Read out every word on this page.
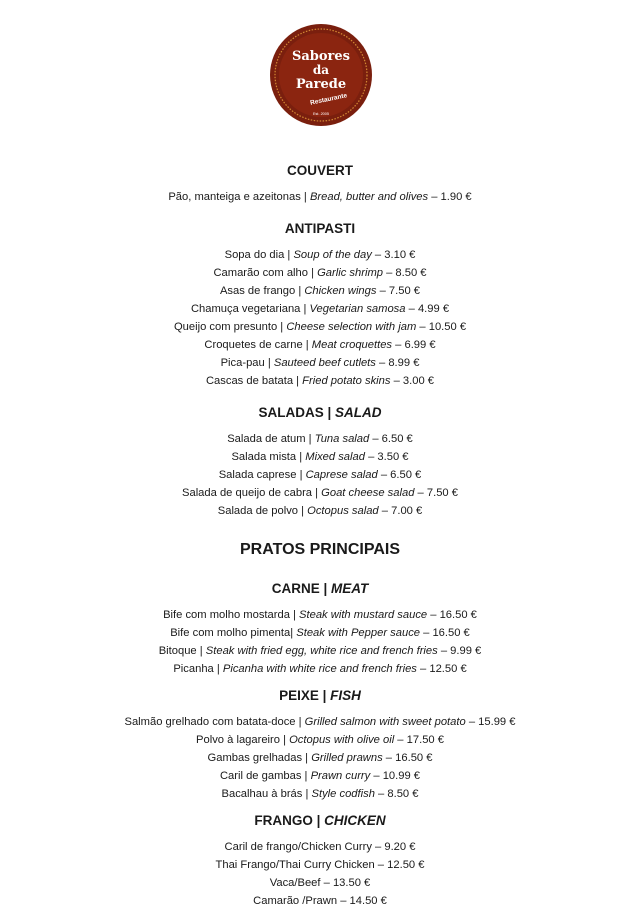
Sabores
da
Parede
Restaurante
Est. 2005
COUVERT

Pão, manteiga e azeitonas | Bread, butter and olives – 1.90 €

ANTIPASTI

Sopa do dia | Soup of the day – 3.10 €

Camarão com alho | Garlic shrimp – 8.50 €

Asas de frango | Chicken wings – 7.50 €

Chamuça vegetariana | Vegetarian samosa – 4.99 €

Queijo com presunto | Cheese selection with jam – 10.50 €

Croquetes de carne | Meat croquettes – 6.99 €

Pica-pau | Sauteed beef cutlets – 8.99 €

Cascas de batata | Fried potato skins – 3.00 €

SALADAS | SALAD

Salada de atum | Tuna salad – 6.50 €

Salada mista | Mixed salad – 3.50 €

Salada caprese | Caprese salad – 6.50 €

Salada de queijo de cabra | Goat cheese salad – 7.50 €

Salada de polvo | Octopus salad – 7.00 €

PRATOS PRINCIPAIS
CARNE | MEAT

Bife com molho mostarda | Steak with mustard sauce – 16.50 €

Bife com molho pimenta| Steak with Pepper sauce – 16.50 €

Bitoque | Steak with fried egg, white rice and french fries – 9.99 €

Picanha | Picanha with white rice and french fries – 12.50 €

PEIXE | FISH

Salmão grelhado com batata-doce | Grilled salmon with sweet potato – 15.99 €

Polvo à lagareiro | Octopus with olive oil – 17.50 €

Gambas grelhadas | Grilled prawns – 16.50 €

Caril de gambas | Prawn curry – 10.99 €

Bacalhau à brás | Style codfish – 8.50 €

FRANGO | CHICKEN

Caril de frango/Chicken Curry – 9.20 €

Thai Frango/Thai Curry Chicken – 12.50 €

Vaca/Beef – 13.50 €

Camarão /Prawn – 14.50 €
